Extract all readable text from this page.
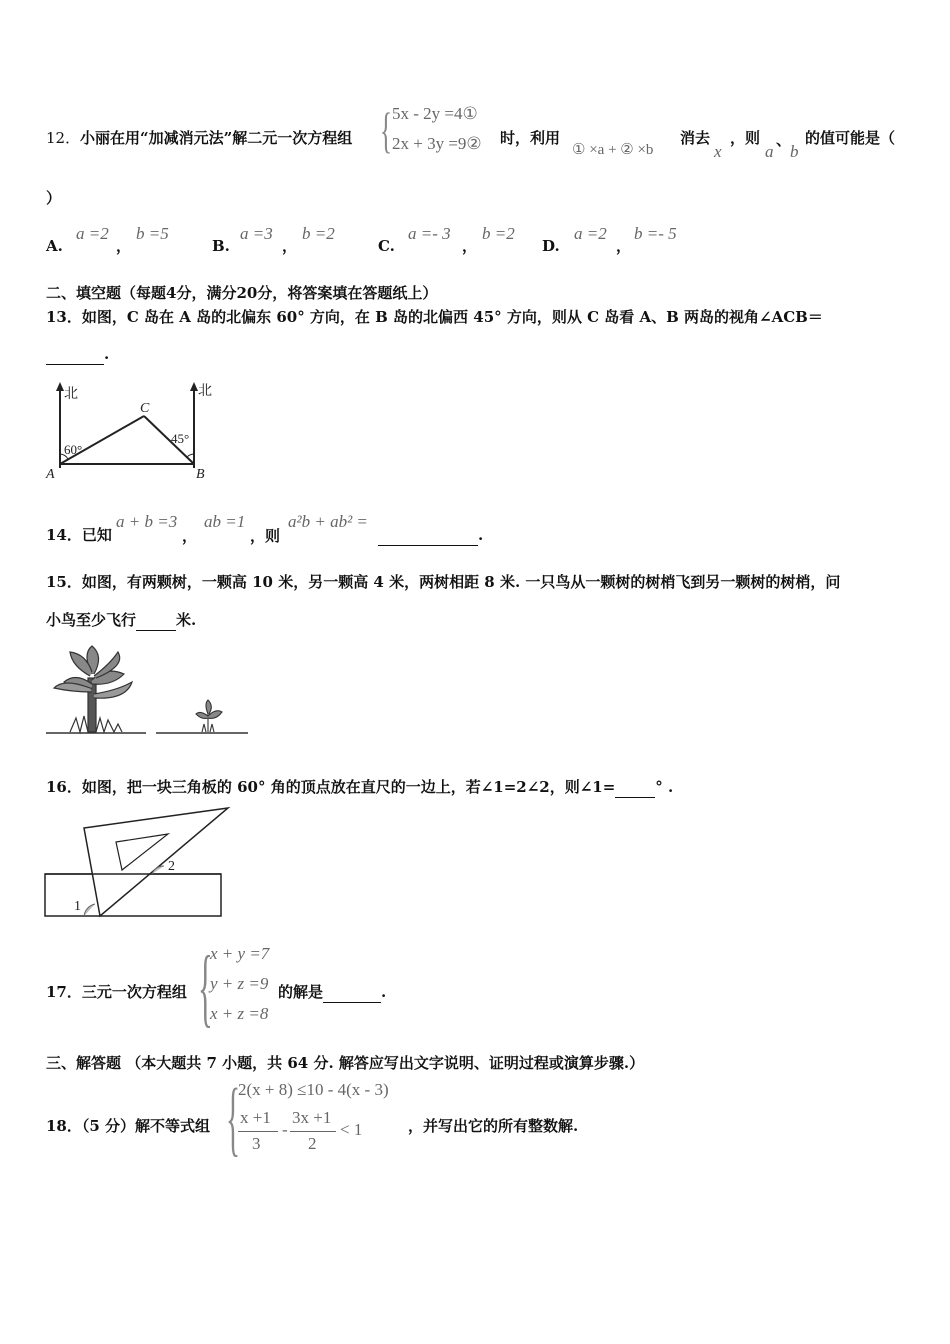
12． 小丽在用“加减消元法”解二元一次方程组 { 5x - 2y =4①
2x + 3y =9② 时，利用
① ×a + ② ×b
消去
x
，则
a
、
b
的值可能是（
）
A.
a =2
，
b =5
B.
a =3
，
b =2
C.
a =- 3
，
b =2
D.
a =2
，
b =- 5
二、填空题（每题4分，满分20分，将答案填在答题纸上）
13．如图，C 岛在 A 岛的北偏东 60° 方向，在 B 岛的北偏西 45° 方向，则从 C 岛看 A、B 两岛的视角∠ACB＝
.
北	北
60°
45°
A	B
C
14．已知
a + b =3
，
ab =1
，则
a²b + ab² =
.
15．如图，有两颗树，一颗高 10 米，另一颗高 4 米，两树相距 8 米. 一只鸟从一颗树的树梢飞到另一颗树的树梢，问
小鸟至少飞行	米.
16．如图，把一块三角板的 60° 角的顶点放在直尺的一边上，若∠1=2∠2，则∠1=	° .
1
2
17．三元一次方程组 {
x + y =7
y + z =9
x + z =8
的解是	.
三、解答题 （本大题共 7 小题，共 64 分. 解答应写出文字说明、证明过程或演算步骤.）
18．（5 分）解不等式组 {
2(x + 8) ≤10 - 4(x - 3)
x +1
3
-
3x +1
2
< 1	，并写出它的所有整数解.
